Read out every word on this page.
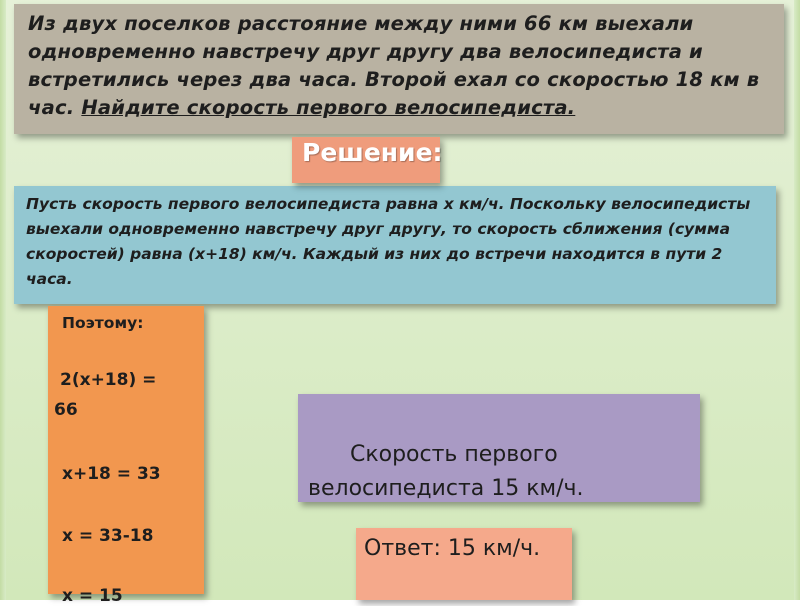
Из двух поселков расстояние между ними 66 км выехали одновременно навстречу друг другу два велосипедиста и встретились через два часа. Второй ехал со скоростью 18 км в час. Найдите скорость первого велосипедиста.
Пусть скорость первого велосипедиста равна х км/ч. Поскольку велосипедисты выехали одновременно навстречу друг другу, то скорость сближения (сумма скоростей) равна (х+18) км/ч. Каждый из них до встречи находится в пути 2 часа.
Решение:
Поэтому:
2(х+18) =
66
х+18 = 33
х = 33-18
х = 15

Скорость первого велосипедиста 15 км/ч.

Ответ: 15 км/ч.
